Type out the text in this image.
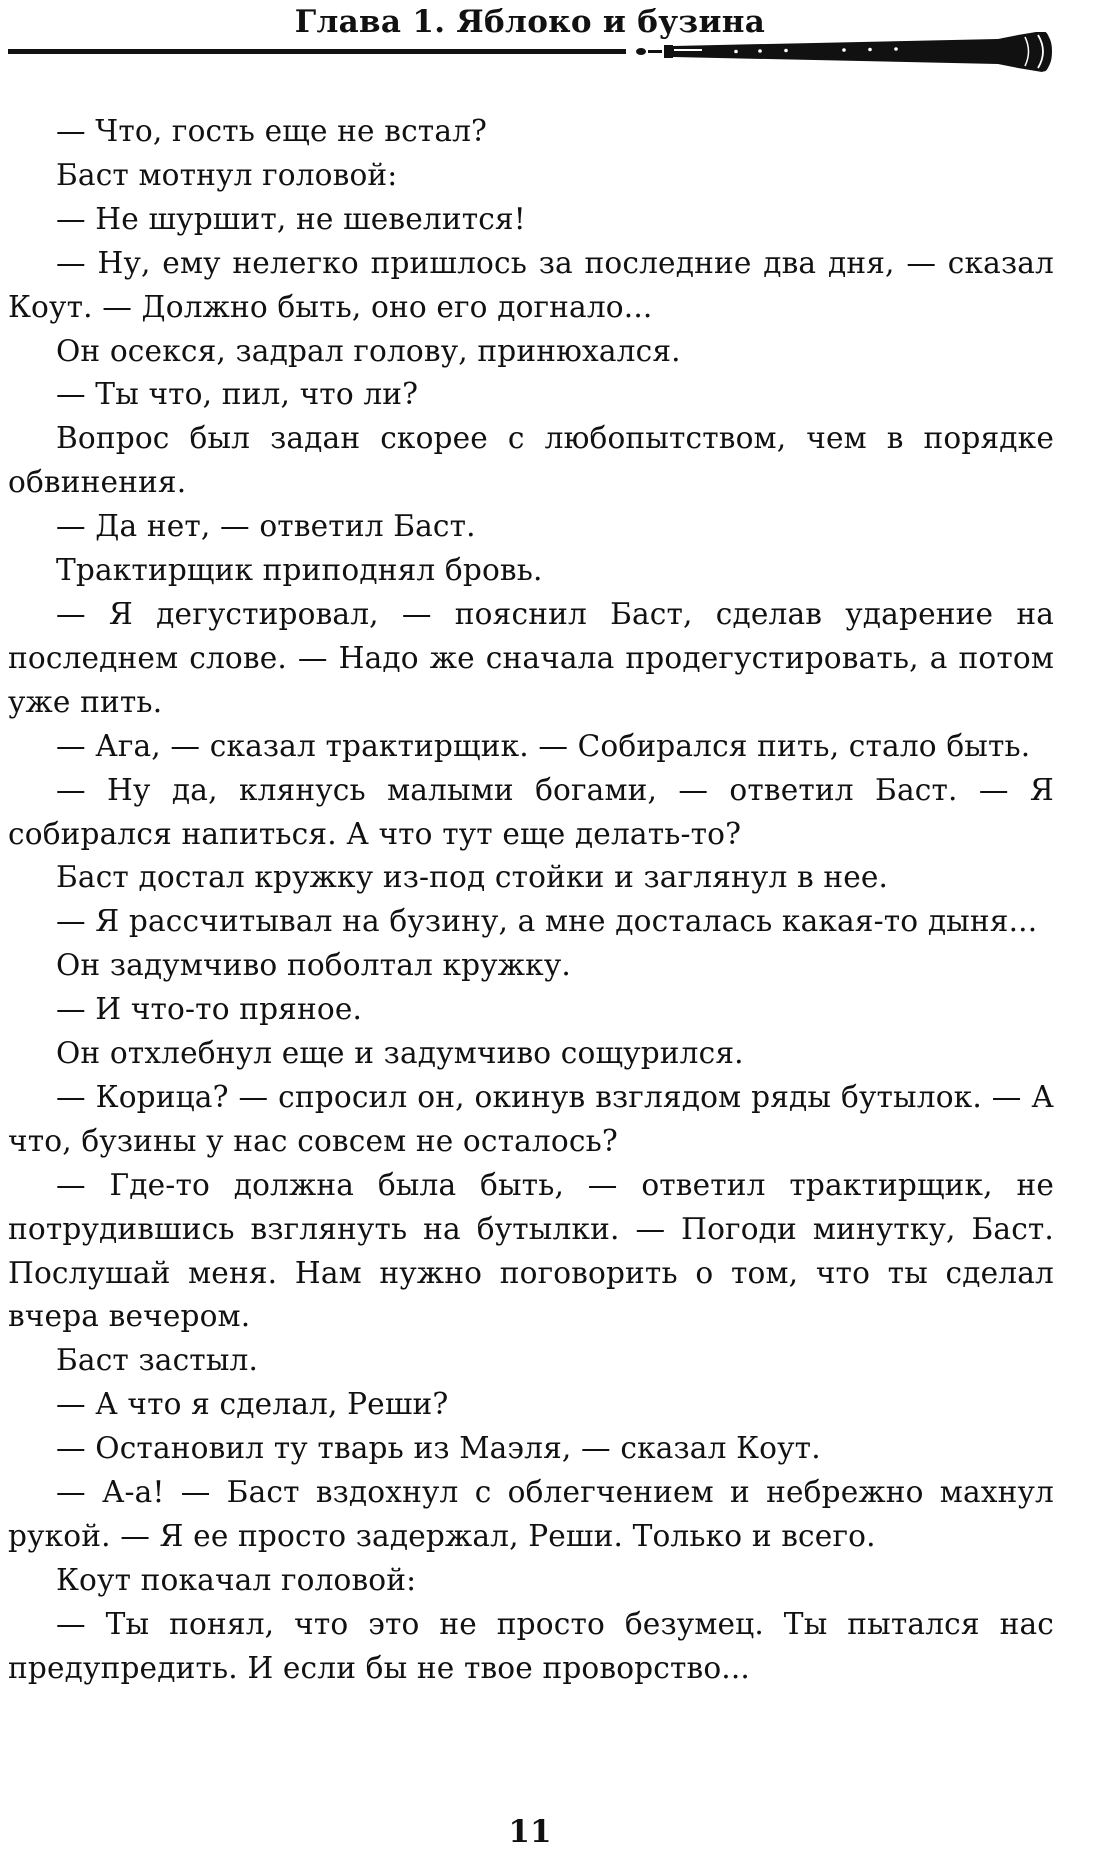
Глава 1. Яблоко и бузина

— Что, гость еще не встал?

Баст мотнул головой:

— Не шуршит, не шевелится!

— Ну, ему нелегко пришлось за последние два дня, — сказал Коут. — Должно быть, оно его догнало...

Он осекся, задрал голову, принюхался.

— Ты что, пил, что ли?

Вопрос был задан скорее с любопытством, чем в порядке обвинения.

— Да нет, — ответил Баст.

Трактирщик приподнял бровь.

— Я дегустировал, — пояснил Баст, сделав ударение на последнем слове. — Надо же сначала продегустировать, а потом уже пить.

— Ага, — сказал трактирщик. — Собирался пить, стало быть.

— Ну да, клянусь малыми богами, — ответил Баст. — Я собирался напиться. А что тут еще делать-то?

Баст достал кружку из-под стойки и заглянул в нее.

— Я рассчитывал на бузину, а мне досталась какая-то дыня...

Он задумчиво поболтал кружку.

— И что-то пряное.

Он отхлебнул еще и задумчиво сощурился.

— Корица? — спросил он, окинув взглядом ряды бутылок. — А что, бузины у нас совсем не осталось?

— Где-то должна была быть, — ответил трактирщик, не потрудившись взглянуть на бутылки. — Погоди минутку, Баст. Послушай меня. Нам нужно поговорить о том, что ты сделал вчера вечером.

Баст застыл.

— А что я сделал, Реши?

— Остановил ту тварь из Маэля, — сказал Коут.

— А-а! — Баст вздохнул с облегчением и небрежно махнул рукой. — Я ее просто задержал, Реши. Только и всего.

Коут покачал головой:

— Ты понял, что это не просто безумец. Ты пытался нас предупредить. И если бы не твое проворство...

11
